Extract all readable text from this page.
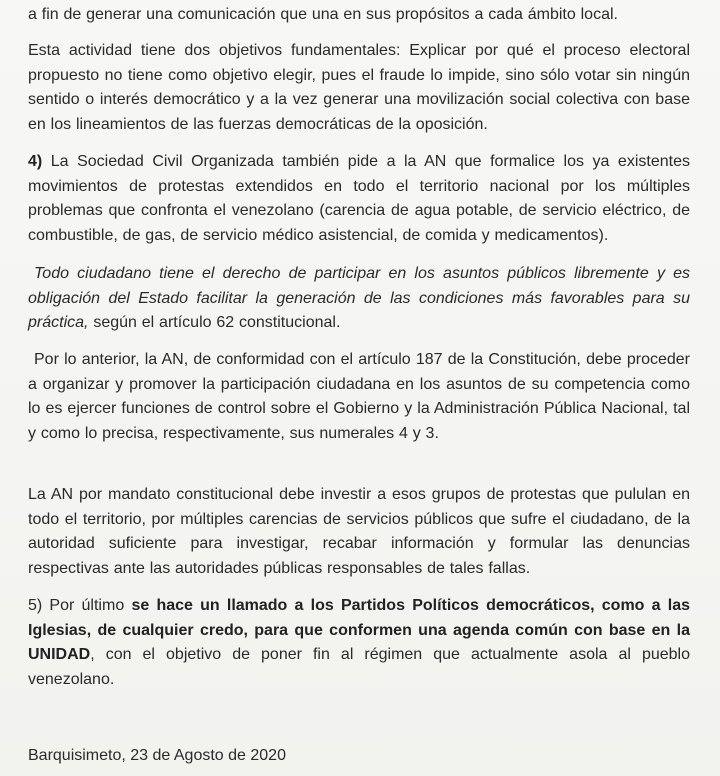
a fin de generar una comunicación que una en sus propósitos a cada ámbito local.

Esta actividad tiene dos objetivos fundamentales: Explicar por qué el proceso electoral propuesto no tiene como objetivo elegir, pues el fraude lo impide, sino sólo votar sin ningún sentido o interés democrático y a la vez generar una movilización social colectiva con base en los lineamientos de las fuerzas democráticas de la oposición.

4) La Sociedad Civil Organizada también pide a la AN que formalice los ya existentes movimientos de protestas extendidos en todo el territorio nacional por los múltiples problemas que confronta el venezolano (carencia de agua potable, de servicio eléctrico, de combustible, de gas, de servicio médico asistencial, de comida y medicamentos).

Todo ciudadano tiene el derecho de participar en los asuntos públicos libremente y es obligación del Estado facilitar la generación de las condiciones más favorables para su práctica, según el artículo 62 constitucional.

Por lo anterior, la AN, de conformidad con el artículo 187 de la Constitución, debe proceder a organizar y promover la participación ciudadana en los asuntos de su competencia como lo es ejercer funciones de control sobre el Gobierno y la Administración Pública Nacional, tal y como lo precisa, respectivamente, sus numerales 4 y 3.

La AN por mandato constitucional debe investir a esos grupos de protestas que pululan en todo el territorio, por múltiples carencias de servicios públicos que sufre el ciudadano, de la autoridad suficiente para investigar, recabar información y formular las denuncias respectivas ante las autoridades públicas responsables de tales fallas.

5) Por último se hace un llamado a los Partidos Políticos democráticos, como a las Iglesias, de cualquier credo, para que conformen una agenda común con base en la UNIDAD, con el objetivo de poner fin al régimen que actualmente asola al pueblo venezolano.

Barquisimeto, 23 de Agosto de 2020
